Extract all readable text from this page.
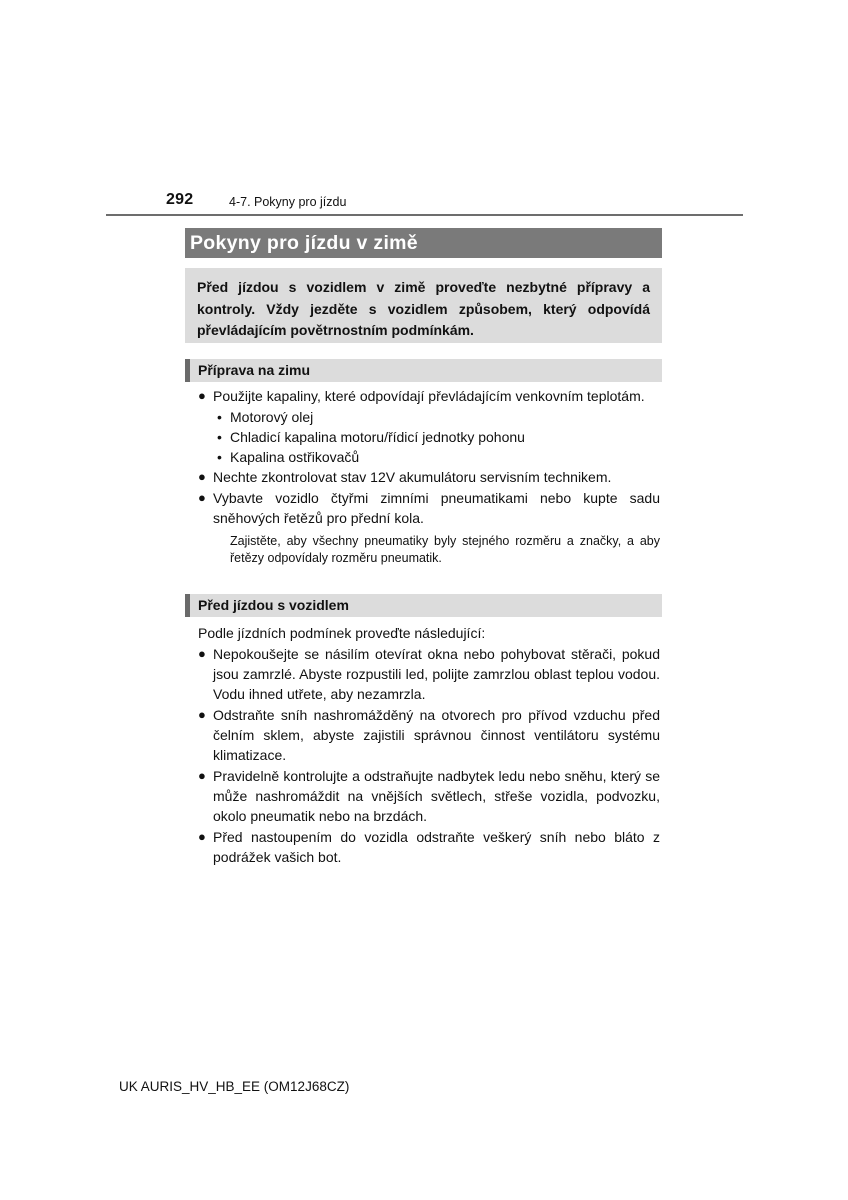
292	4-7. Pokyny pro jízdu
Pokyny pro jízdu v zimě
Před jízdou s vozidlem v zimě proveďte nezbytné přípravy a kontroly. Vždy jezděte s vozidlem způsobem, který odpovídá převládajícím povětrnostním podmínkám.
Příprava na zimu
● Použijte kapaliny, které odpovídají převládajícím venkovním teplotám.
• Motorový olej
• Chladicí kapalina motoru/řídicí jednotky pohonu
• Kapalina ostřikovačů
● Nechte zkontrolovat stav 12V akumulátoru servisním technikem.
● Vybavte vozidlo čtyřmi zimními pneumatikami nebo kupte sadu sněhových řetězů pro přední kola.
Zajistěte, aby všechny pneumatiky byly stejného rozměru a značky, a aby řetězy odpovídaly rozměru pneumatik.
Před jízdou s vozidlem
Podle jízdních podmínek proveďte následující:
● Nepokoušejte se násilím otevírat okna nebo pohybovat stěrači, pokud jsou zamrzlé. Abyste rozpustili led, polijte zamrzlou oblast teplou vodou. Vodu ihned utřete, aby nezamrzla.
● Odstraňte sníh nashromážděný na otvorech pro přívod vzduchu před čelním sklem, abyste zajistili správnou činnost ventilátoru systému klimatizace.
● Pravidelně kontrolujte a odstraňujte nadbytek ledu nebo sněhu, který se může nashromáždit na vnějších světlech, střeše vozidla, podvozku, okolo pneumatik nebo na brzdách.
● Před nastoupením do vozidla odstraňte veškerý sníh nebo bláto z podrážek vašich bot.
UK AURIS_HV_HB_EE (OM12J68CZ)
